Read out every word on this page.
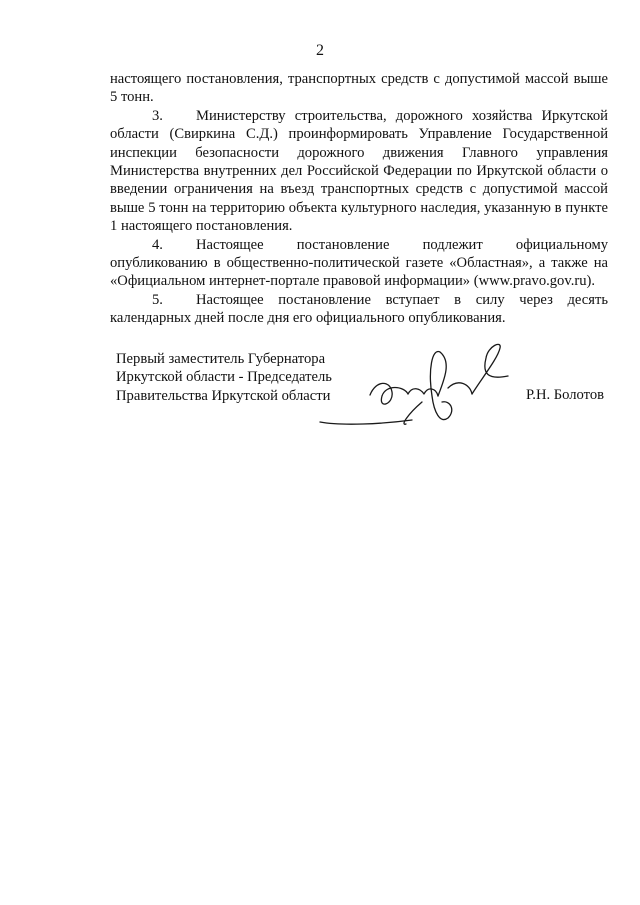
2

настоящего постановления, транспортных средств с допустимой массой выше 5 тонн.

3. Министерству строительства, дорожного хозяйства Иркутской области (Свиркина С.Д.) проинформировать Управление Государственной инспекции безопасности дорожного движения Главного управления Министерства внутренних дел Российской Федерации по Иркутской области о введении ограничения на въезд транспортных средств с допустимой массой выше 5 тонн на территорию объекта культурного наследия, указанную в пункте 1 настоящего постановления.

4. Настоящее постановление подлежит официальному опубликованию в общественно-политической газете «Областная», а также на «Официальном интернет-портале правовой информации» (www.pravo.gov.ru).

5. Настоящее постановление вступает в силу через десять календарных дней после дня его официального опубликования.

Первый заместитель Губернатора
Иркутской области - Председатель
Правительства Иркутской области	Р.Н. Болотов
